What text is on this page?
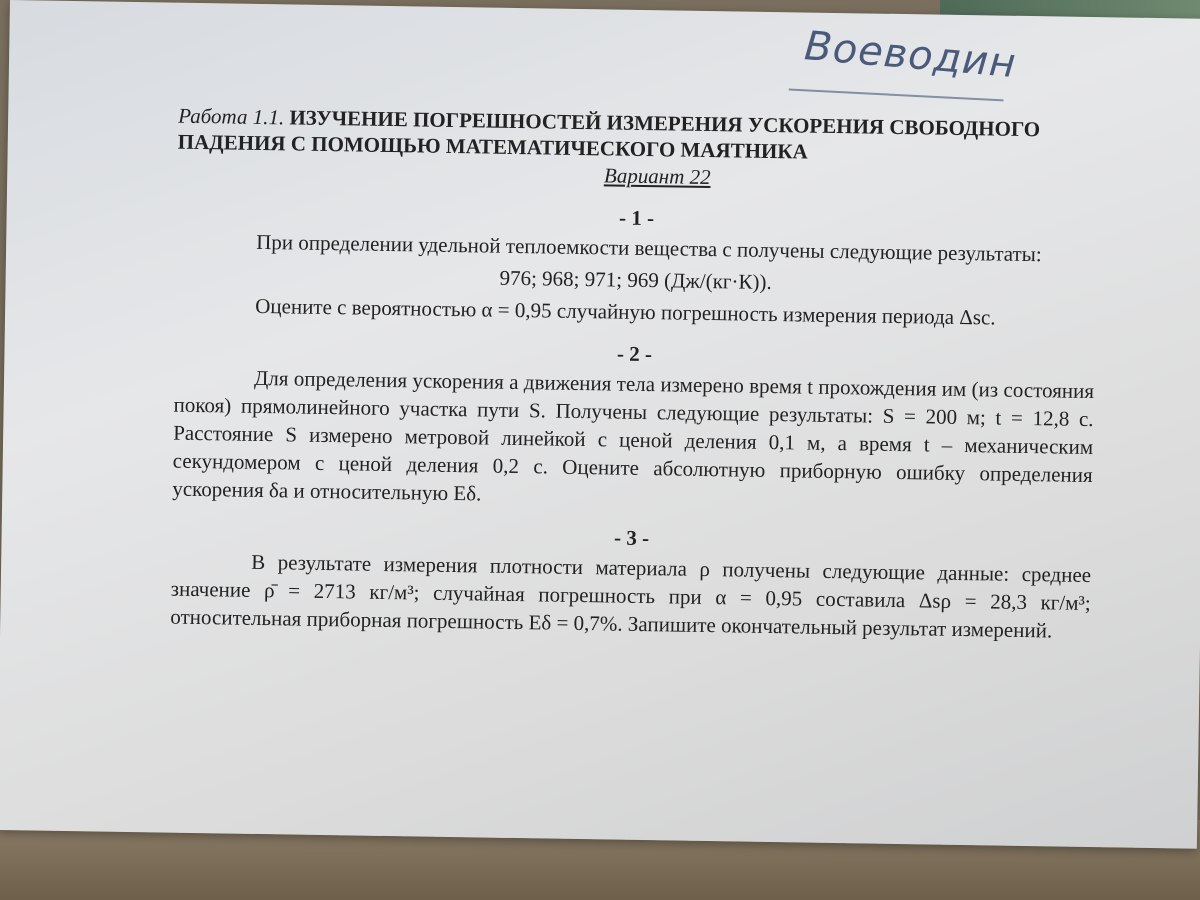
Воеводин
Работа 1.1. ИЗУЧЕНИЕ ПОГРЕШНОСТЕЙ ИЗМЕРЕНИЯ УСКОРЕНИЯ СВОБОДНОГО ПАДЕНИЯ С ПОМОЩЬЮ МАТЕМАТИЧЕСКОГО МАЯТНИКА
Вариант 22
- 1 -
При определении удельной теплоемкости вещества c получены следующие результаты:
976; 968; 971; 969 (Дж/(кг·К)).
Оцените с вероятностью α = 0,95 случайную погрешность измерения периода Δsc.
- 2 -
Для определения ускорения a движения тела измерено время t прохождения им (из состояния покоя) прямолинейного участка пути S. Получены следующие результаты: S = 200 м; t = 12,8 с. Расстояние S измерено метровой линейкой с ценой деления 0,1 м, а время t – механическим секундомером с ценой деления 0,2 с. Оцените абсолютную приборную ошибку определения ускорения δa и относительную Eδ.
- 3 -
В результате измерения плотности материала ρ получены следующие данные: среднее значение ρ̄ = 2713 кг/м³; случайная погрешность при α = 0,95 составила Δsρ = 28,3 кг/м³; относительная приборная погрешность Eδ = 0,7%. Запишите окончательный результат измерений.
